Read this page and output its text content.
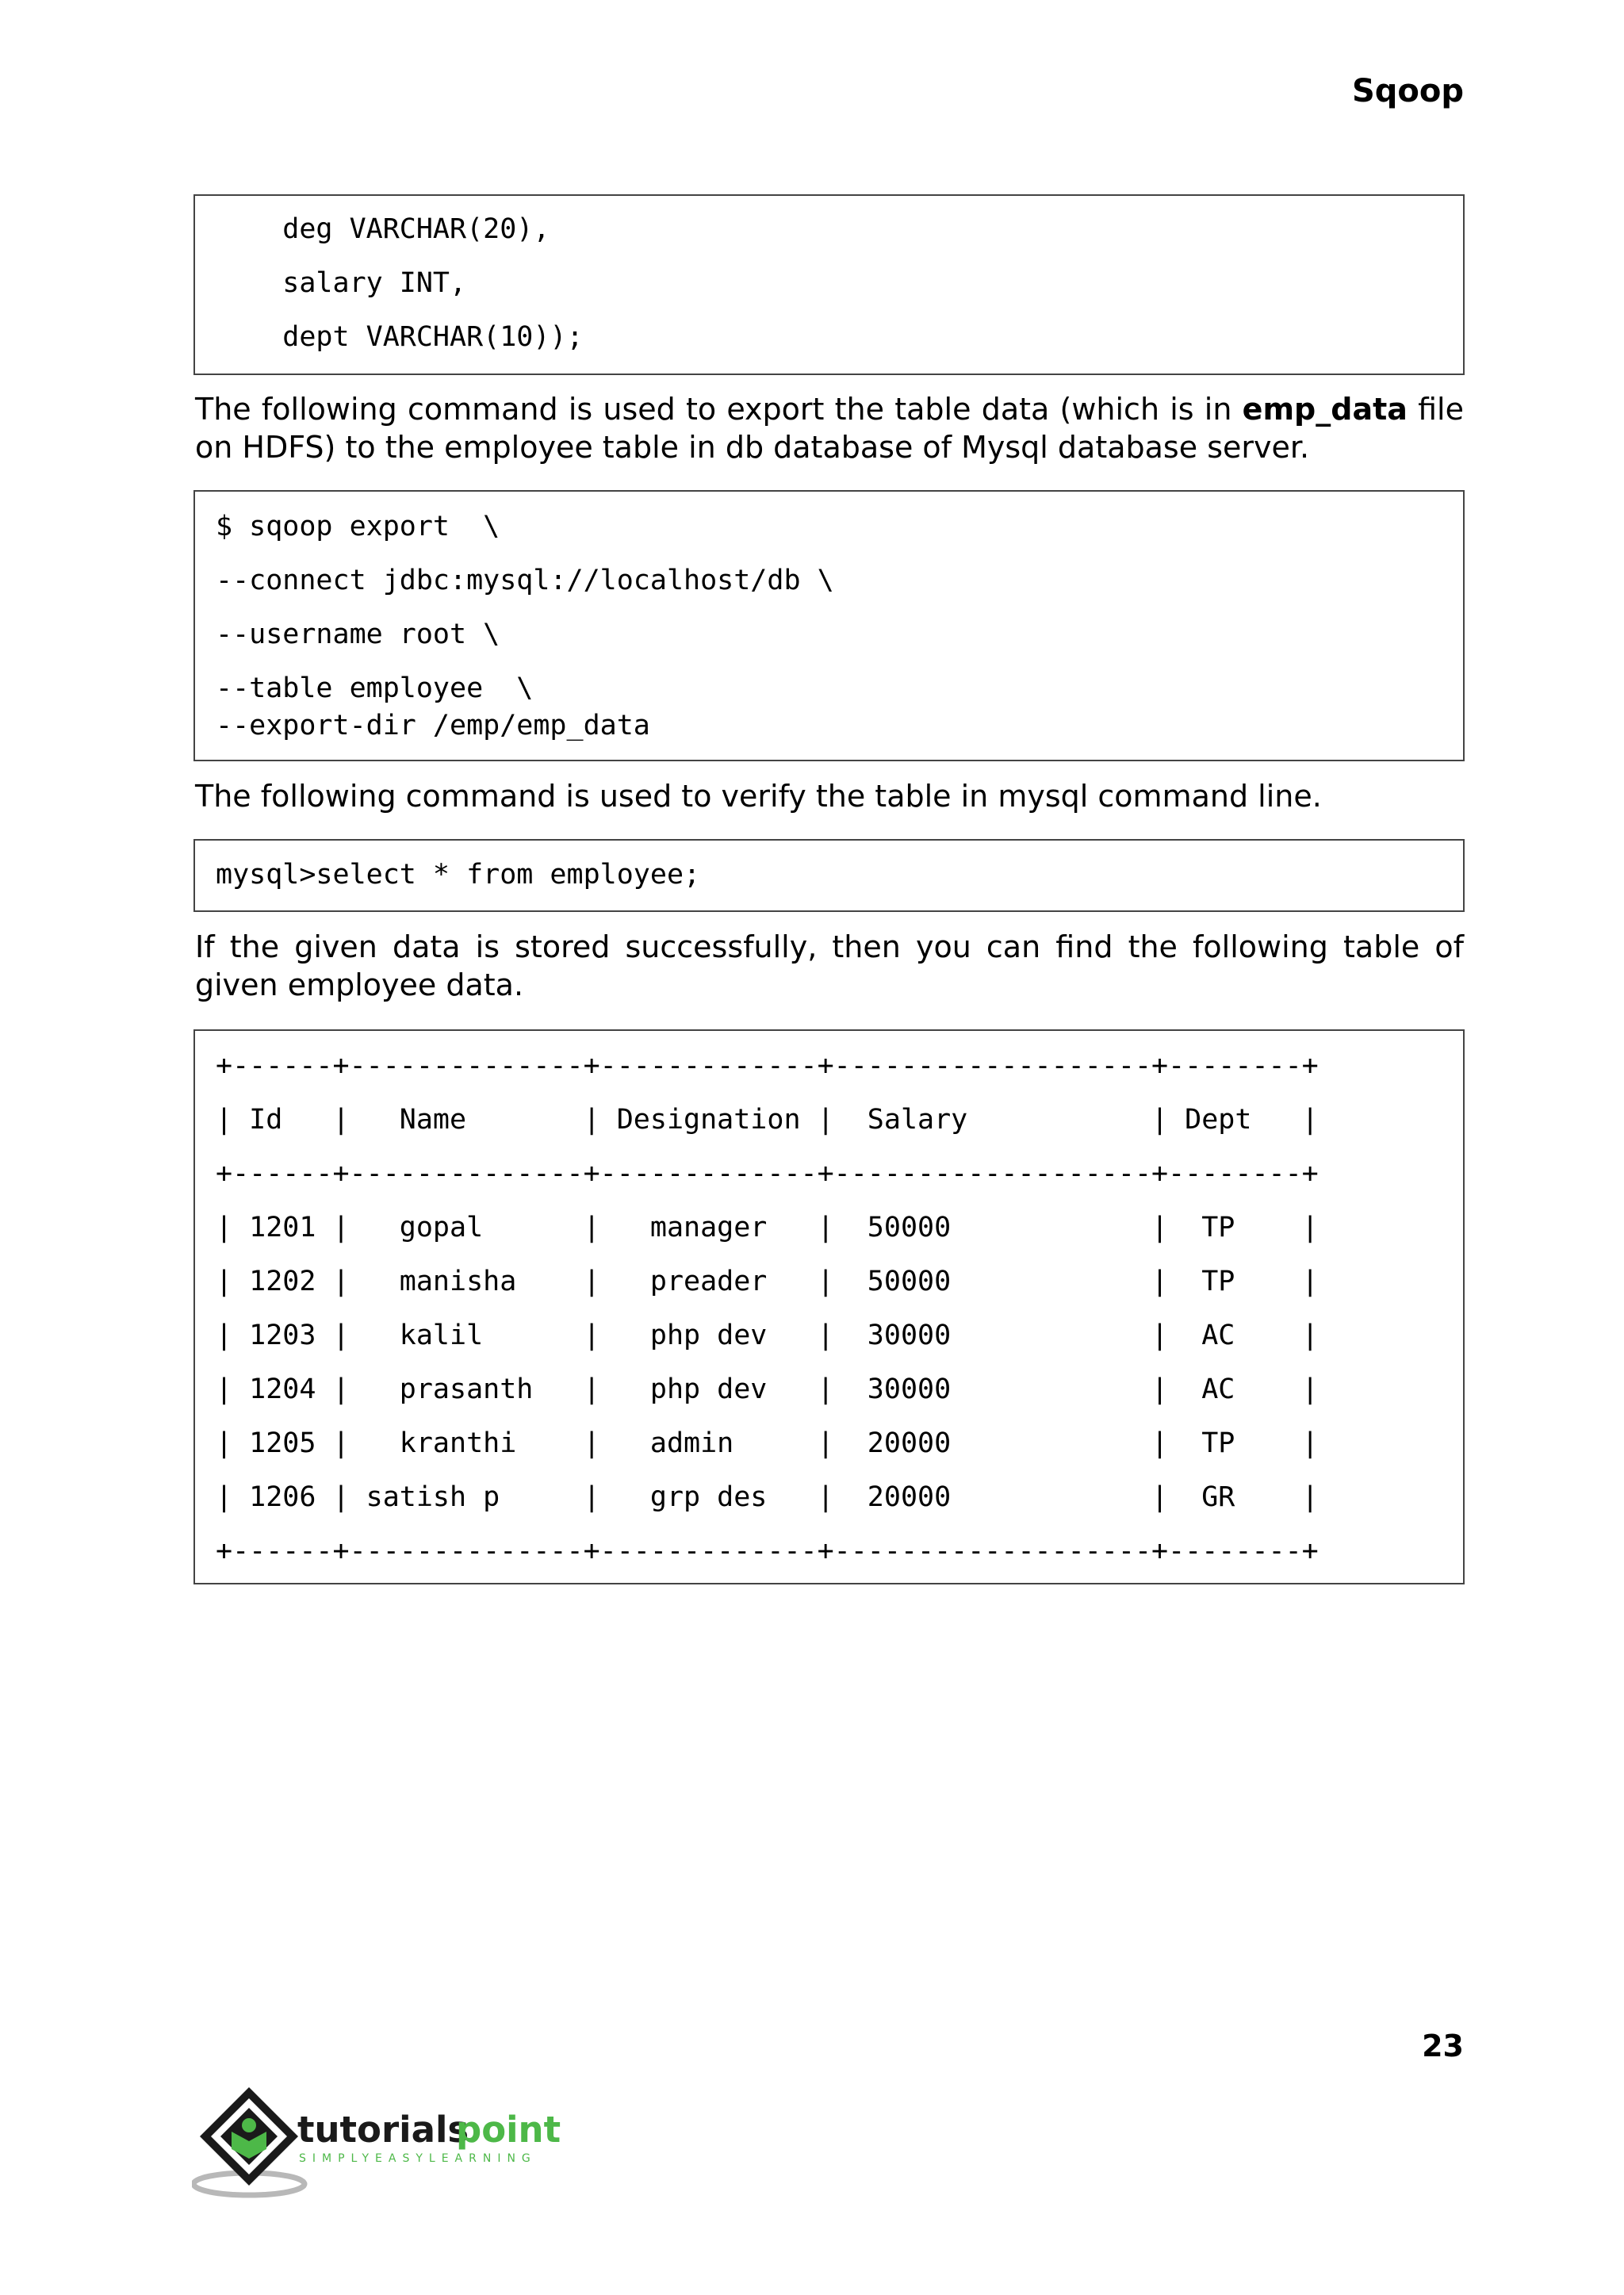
Sqoop
deg VARCHAR(20),
salary INT,
dept VARCHAR(10));

The following command is used to export the table data (which is in emp_data file on HDFS) to the employee table in db database of Mysql database server.

$ sqoop export  \
--connect jdbc:mysql://localhost/db \
--username root \
--table employee  \
--export-dir /emp/emp_data

The following command is used to verify the table in mysql command line.

mysql>select * from employee;

If the given data is stored successfully, then you can find the following table of given employee data.

+------+--------------+-------------+-------------------+--------+
| Id   |   Name       | Designation |  Salary           | Dept   |
+------+--------------+-------------+-------------------+--------+
| 1201 |   gopal      |   manager   |  50000            |  TP    |
| 1202 |   manisha    |   preader   |  50000            |  TP    |
| 1203 |   kalil      |   php dev   |  30000            |  AC    |
| 1204 |   prasanth   |   php dev   |  30000            |  AC    |
| 1205 |   kranthi    |   admin     |  20000            |  TP    |
| 1206 | satish p     |   grp des   |  20000            |  GR    |
+------+--------------+-------------+-------------------+--------+
23
tutorials
point
SIMPLYEASYLEARNING
